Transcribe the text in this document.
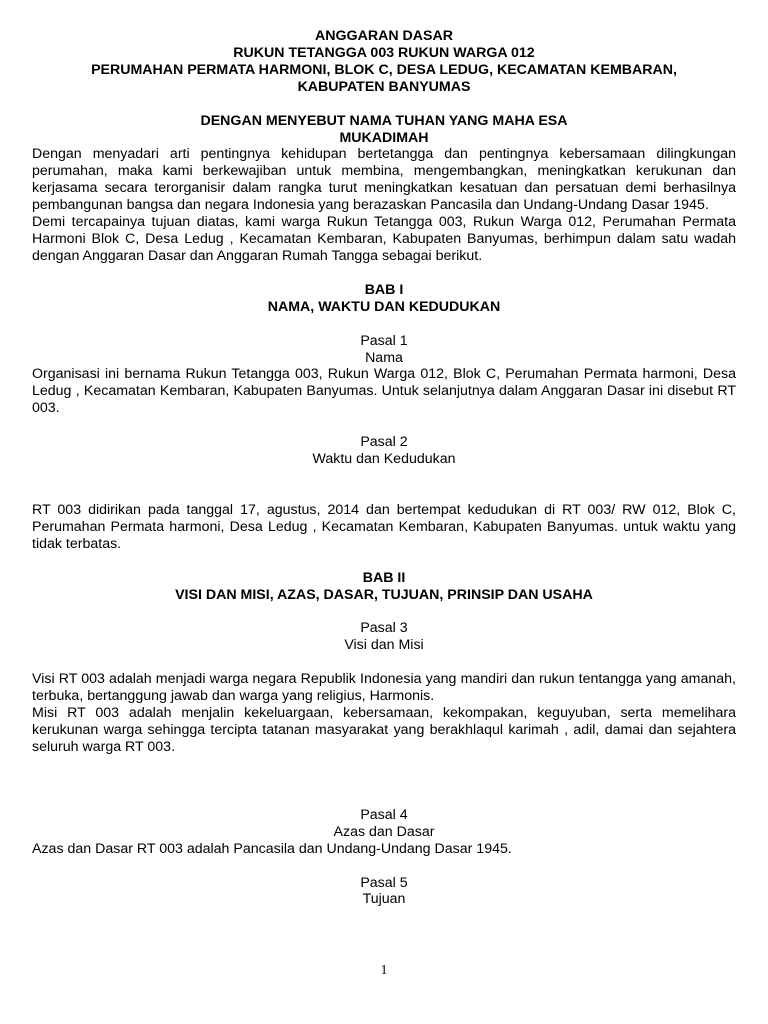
ANGGARAN DASAR

RUKUN TETANGGA 003 RUKUN WARGA 012

PERUMAHAN PERMATA HARMONI, BLOK C, DESA LEDUG, KECAMATAN KEMBARAN,

KABUPATEN BANYUMAS

DENGAN MENYEBUT NAMA TUHAN YANG MAHA ESA

MUKADIMAH

Dengan menyadari arti pentingnya kehidupan bertetangga dan pentingnya kebersamaan dilingkungan perumahan, maka kami berkewajiban untuk membina, mengembangkan, meningkatkan kerukunan dan kerjasama secara terorganisir dalam rangka turut meningkatkan kesatuan dan persatuan demi berhasilnya pembangunan bangsa dan negara Indonesia yang berazaskan Pancasila dan Undang-Undang Dasar 1945.

Demi tercapainya tujuan diatas, kami warga Rukun Tetangga 003, Rukun Warga 012, Perumahan Permata Harmoni Blok C, Desa Ledug , Kecamatan Kembaran, Kabupaten Banyumas, berhimpun dalam satu wadah dengan Anggaran Dasar dan Anggaran Rumah Tangga sebagai berikut.

BAB I

NAMA, WAKTU DAN KEDUDUKAN

Pasal 1

Nama

Organisasi ini bernama Rukun Tetangga 003, Rukun Warga 012, Blok C, Perumahan Permata harmoni, Desa Ledug , Kecamatan Kembaran, Kabupaten Banyumas. Untuk selanjutnya dalam Anggaran Dasar ini disebut RT 003.

Pasal 2

Waktu dan Kedudukan

RT 003 didirikan pada tanggal 17, agustus, 2014 dan bertempat kedudukan di RT 003/ RW 012, Blok C, Perumahan Permata harmoni, Desa Ledug , Kecamatan Kembaran, Kabupaten Banyumas. untuk waktu yang tidak terbatas.

BAB II

VISI DAN MISI, AZAS, DASAR, TUJUAN, PRINSIP DAN USAHA

Pasal 3

Visi dan Misi

Visi RT 003 adalah menjadi warga negara Republik Indonesia yang mandiri dan rukun tentangga yang amanah, terbuka, bertanggung jawab dan warga yang religius, Harmonis.

Misi RT 003 adalah menjalin kekeluargaan, kebersamaan, kekompakan, keguyuban, serta memelihara kerukunan warga sehingga tercipta tatanan masyarakat yang berakhlaqul karimah , adil, damai dan sejahtera seluruh warga RT 003.

Pasal 4

Azas dan Dasar

Azas dan Dasar RT 003 adalah Pancasila dan Undang-Undang Dasar 1945.

Pasal 5

Tujuan

1
